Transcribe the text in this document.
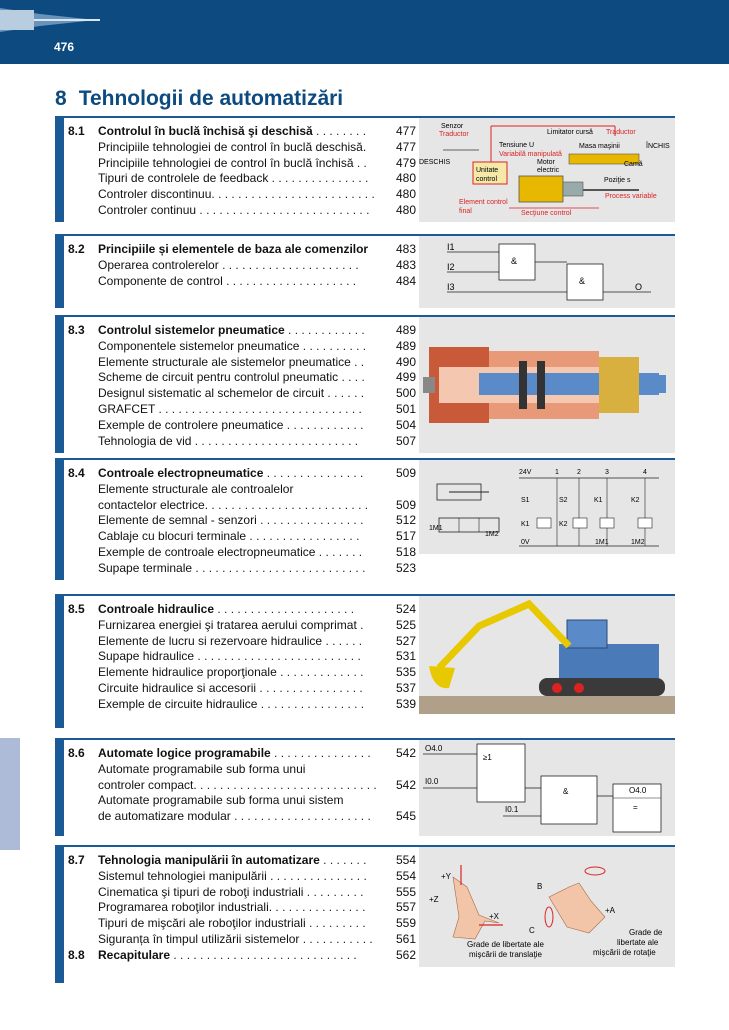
476
8 Tehnologii de automatizări
8.1	Controlul în buclă închisă şi deschisă . . . . . . . .	477
Principiile tehnologiei de control în buclă deschisă.	477
Principiile tehnologiei de control în buclă închisă . .	479
Tipuri de controlele de feedback . . . . . . . . . . . . . . .	480
Controler discontinuu. . . . . . . . . . . . . . . . . . . . . . . . .	480
Controler continuu . . . . . . . . . . . . . . . . . . . . . . . . . .	480
Senzor
Traductor	Limitator cursă Traductor
Tensiune U
Variabilă manipulată
Masa maşinii	ÎNCHIS
DESCHIS
Unitate
control
Motor
electric
Camă
Poziţie s
Element control
final	Secţiune control
Process variable
8.2	Principiile și elementele de baza ale comenzilor	483
Operarea controlerelor . . . . . . . . . . . . . . . . . . . . .	483
Componente de control . . . . . . . . . . . . . . . . . . . .	484
I1
I2
I3
&
&
O
8.3	Controlul sistemelor pneumatice . . . . . . . . . . . .	489
Componentele sistemelor pneumatice . . . . . . . . . .	489
Elemente structurale ale sistemelor pneumatice . .	490
Scheme de circuit pentru controlul pneumatic . . . .	499
Designul sistematic al schemelor de circuit . . . . . .	500
GRAFCET . . . . . . . . . . . . . . . . . . . . . . . . . . . . . . .	501
Exemple de controlere pneumatice . . . . . . . . . . . .	504
Tehnologia de vid . . . . . . . . . . . . . . . . . . . . . . . . .	507
8.4	Controale electropneumatice . . . . . . . . . . . . . . .	509
Elemente structurale ale controalelor
contactelor electrice. . . . . . . . . . . . . . . . . . . . . . . . .	509
Elemente de semnal - senzori . . . . . . . . . . . . . . . .	512
Cablaje cu blocuri terminale . . . . . . . . . . . . . . . . .	517
Exemple de controale electropneumatice . . . . . . .	518
Supape terminale . . . . . . . . . . . . . . . . . . . . . . . . . .	523
1M1
1M2
24V	1	2	3	4
S1	S2	K1	K2
K1	K2
0V	1M1	1M2
8.5	Controale hidraulice . . . . . . . . . . . . . . . . . . . . .	524
Furnizarea energiei şi tratarea aerului comprimat .	525
Elemente de lucru si rezervoare hidraulice . . . . . .	527
Supape hidraulice . . . . . . . . . . . . . . . . . . . . . . . . .	531
Elemente hidraulice proporţionale . . . . . . . . . . . . .	535
Circuite hidraulice si accesorii . . . . . . . . . . . . . . . .	537
Exemple de circuite hidraulice . . . . . . . . . . . . . . . .	539
8.6	Automate logice programabile . . . . . . . . . . . . . . .	542
Automate programabile sub forma unui
controler compact. . . . . . . . . . . . . . . . . . . . . . . . . . . .	542
Automate programabile sub forma unui sistem
de automatizare modular . . . . . . . . . . . . . . . . . . . . .	545
O4.0
≥1
I0.0
&
I0.1
O4.0
=
8.7	Tehnologia manipulării în automatizare . . . . . . .	554
Sistemul tehnologiei manipulării . . . . . . . . . . . . . . .	554
Cinematica şi tipuri de roboţi industriali . . . . . . . . .	555
Programarea roboţilor industriali. . . . . . . . . . . . . . .	557
Tipuri de mişcări ale roboţilor industriali . . . . . . . . .	559
Siguranța în timpul utilizării sistemelor . . . . . . . . . . .	561
8.8	Recapitulare . . . . . . . . . . . . . . . . . . . . . . . . . . . .	562
+Y
+Z
+X
Grade de libertate ale
mişcării de translaţie
B
C
+A
Grade de
libertate ale
mişcării de rotaţie
